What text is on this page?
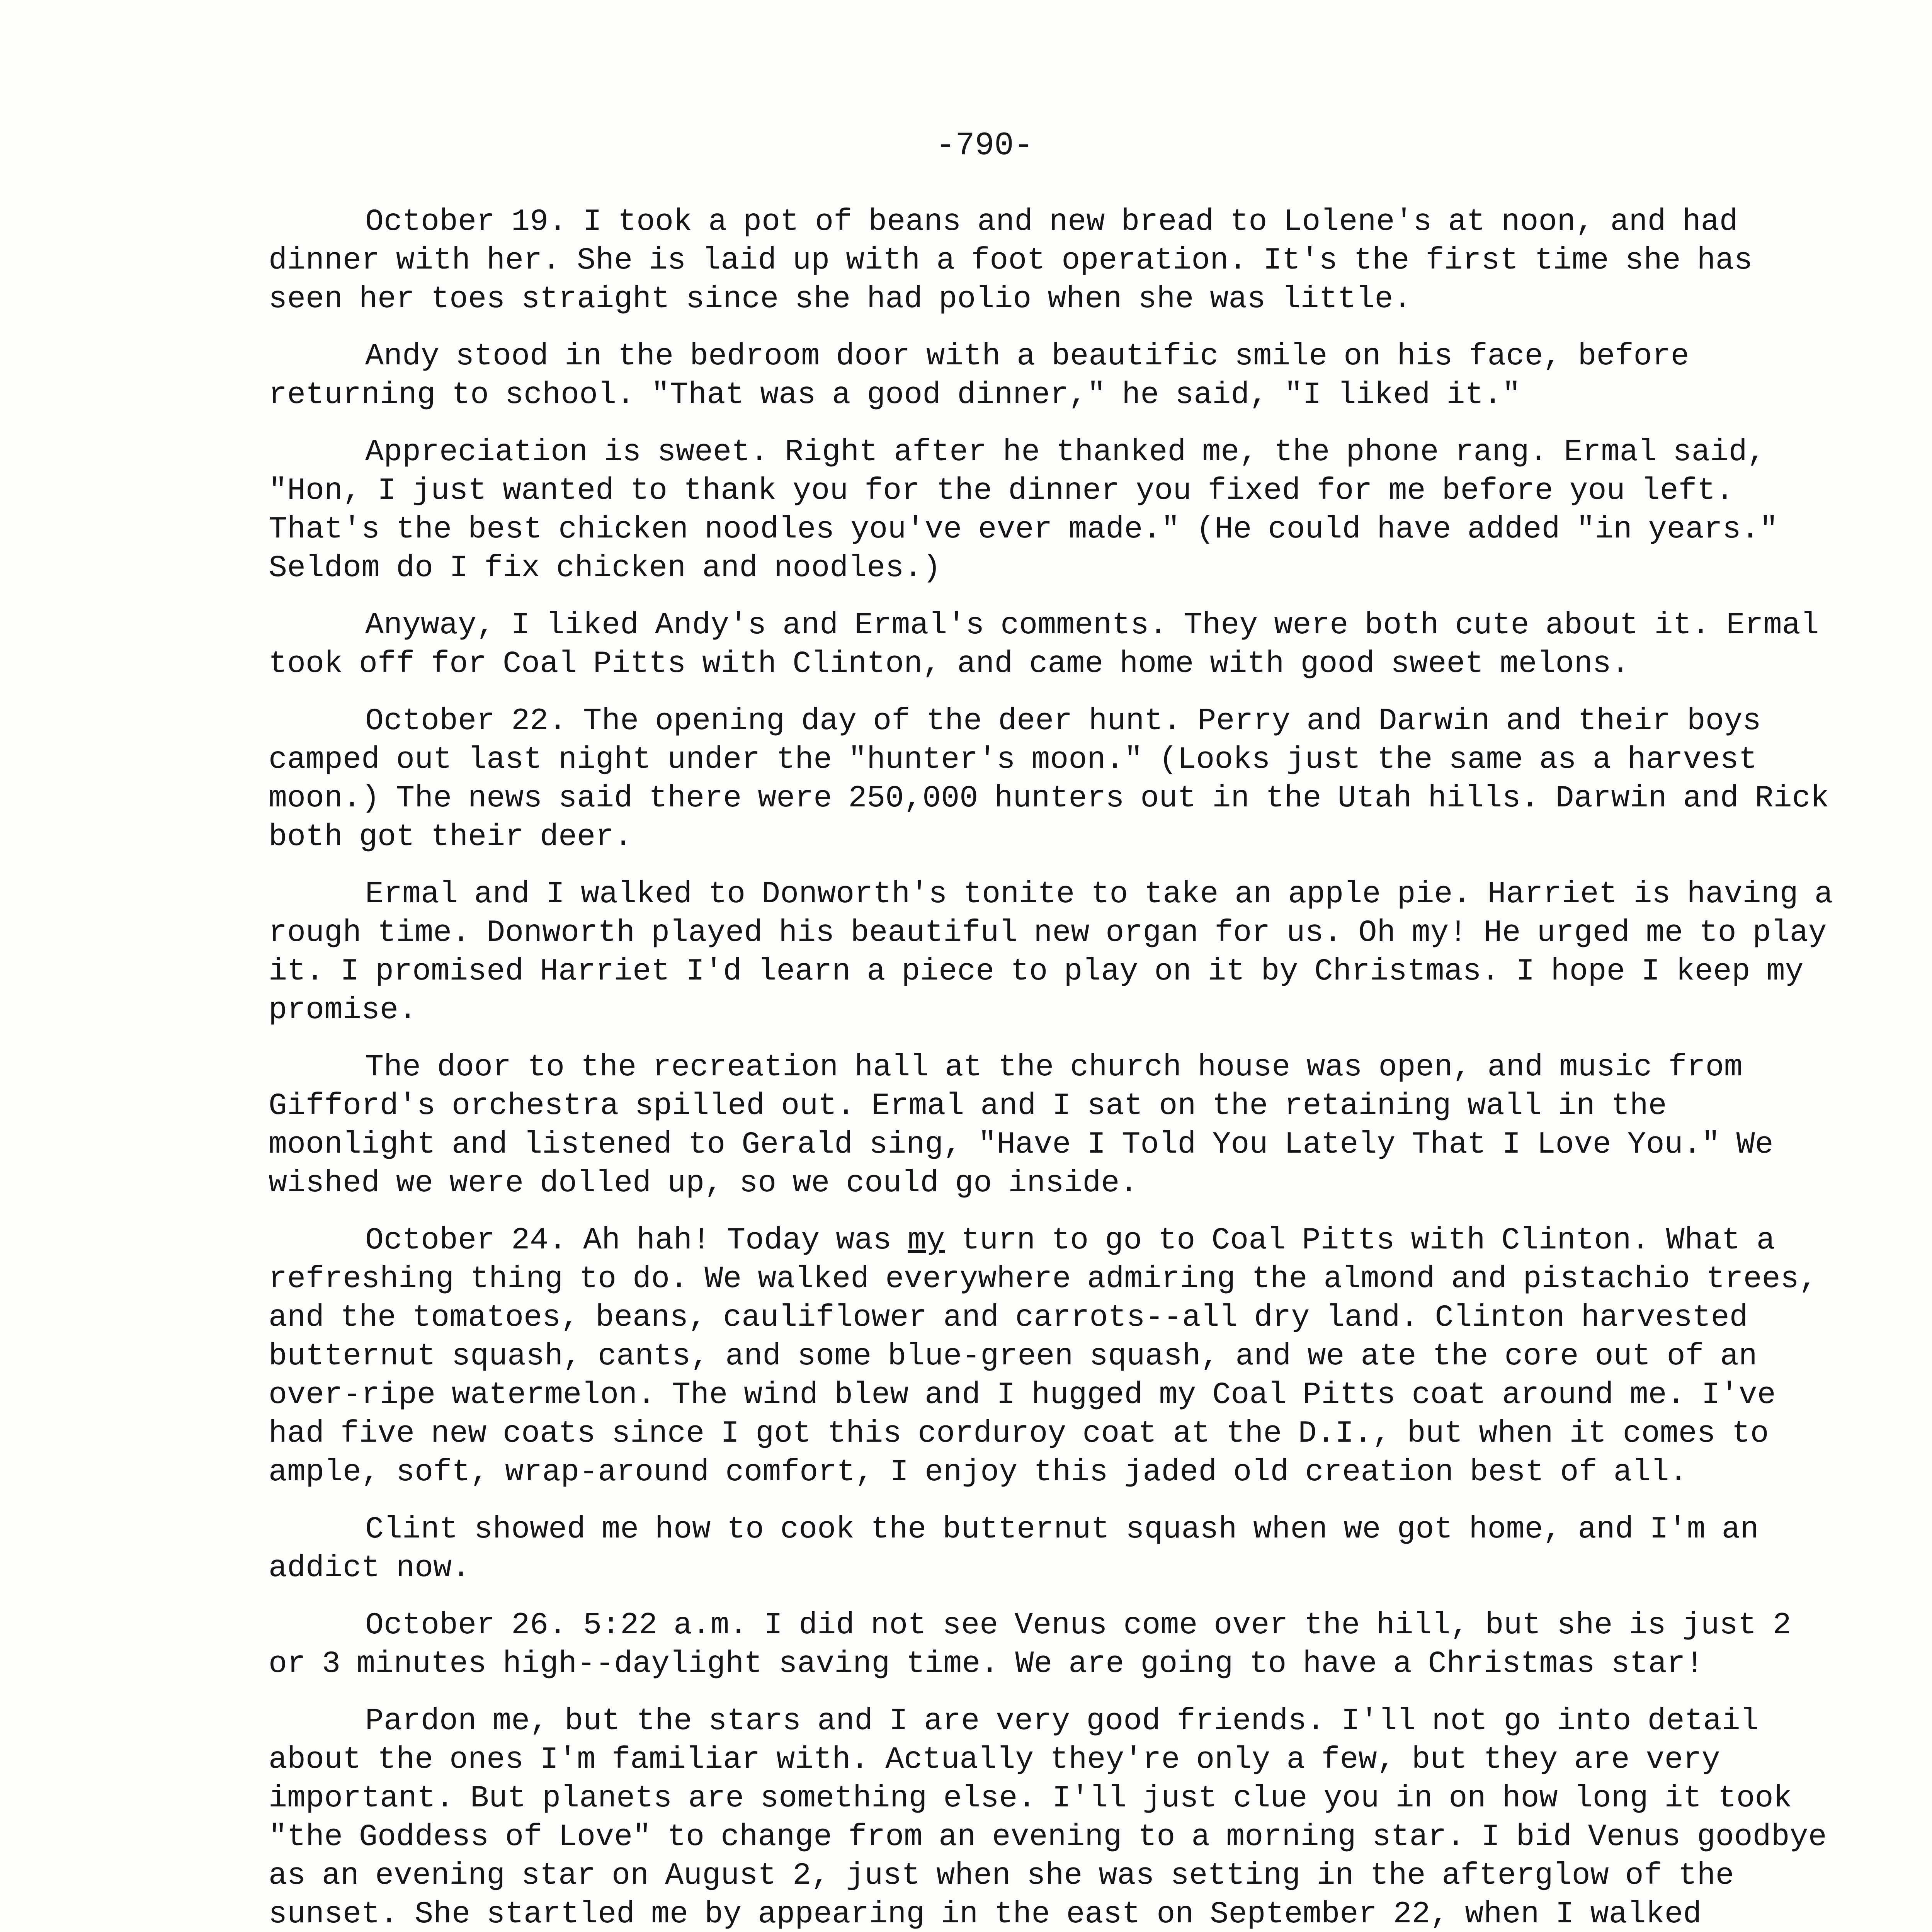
-790-

October 19. I took a pot of beans and new bread to Lolene's at noon, and had dinner with her. She is laid up with a foot operation. It's the first time she has seen her toes straight since she had polio when she was little.

Andy stood in the bedroom door with a beautific smile on his face, before returning to school. "That was a good dinner," he said, "I liked it."

Appreciation is sweet. Right after he thanked me, the phone rang. Ermal said, "Hon, I just wanted to thank you for the dinner you fixed for me before you left. That's the best chicken noodles you've ever made." (He could have added "in years." Seldom do I fix chicken and noodles.)

Anyway, I liked Andy's and Ermal's comments. They were both cute about it. Ermal took off for Coal Pitts with Clinton, and came home with good sweet melons.

October 22. The opening day of the deer hunt. Perry and Darwin and their boys camped out last night under the "hunter's moon." (Looks just the same as a harvest moon.) The news said there were 250,000 hunters out in the Utah hills. Darwin and Rick both got their deer.

Ermal and I walked to Donworth's tonite to take an apple pie. Harriet is having a rough time. Donworth played his beautiful new organ for us. Oh my! He urged me to play it. I promised Harriet I'd learn a piece to play on it by Christmas. I hope I keep my promise.

The door to the recreation hall at the church house was open, and music from Gifford's orchestra spilled out. Ermal and I sat on the retaining wall in the moonlight and listened to Gerald sing, "Have I Told You Lately That I Love You." We wished we were dolled up, so we could go inside.

October 24. Ah hah! Today was my turn to go to Coal Pitts with Clinton. What a refreshing thing to do. We walked everywhere admiring the almond and pistachio trees, and the tomatoes, beans, cauliflower and carrots--all dry land. Clinton harvested butternut squash, cants, and some blue-green squash, and we ate the core out of an over-ripe watermelon. The wind blew and I hugged my Coal Pitts coat around me. I've had five new coats since I got this corduroy coat at the D.I., but when it comes to ample, soft, wrap-around comfort, I enjoy this jaded old creation best of all.

Clint showed me how to cook the butternut squash when we got home, and I'm an addict now.

October 26. 5:22 a.m. I did not see Venus come over the hill, but she is just 2 or 3 minutes high--daylight saving time. We are going to have a Christmas star!

Pardon me, but the stars and I are very good friends. I'll not go into detail about the ones I'm familiar with. Actually they're only a few, but they are very important. But planets are something else. I'll just clue you in on how long it took "the Goddess of Love" to change from an evening to a morning star. I bid Venus goodbye as an evening star on August 2, just when she was setting in the afterglow of the sunset. She startled me by appearing in the east on September 22, when I walked
